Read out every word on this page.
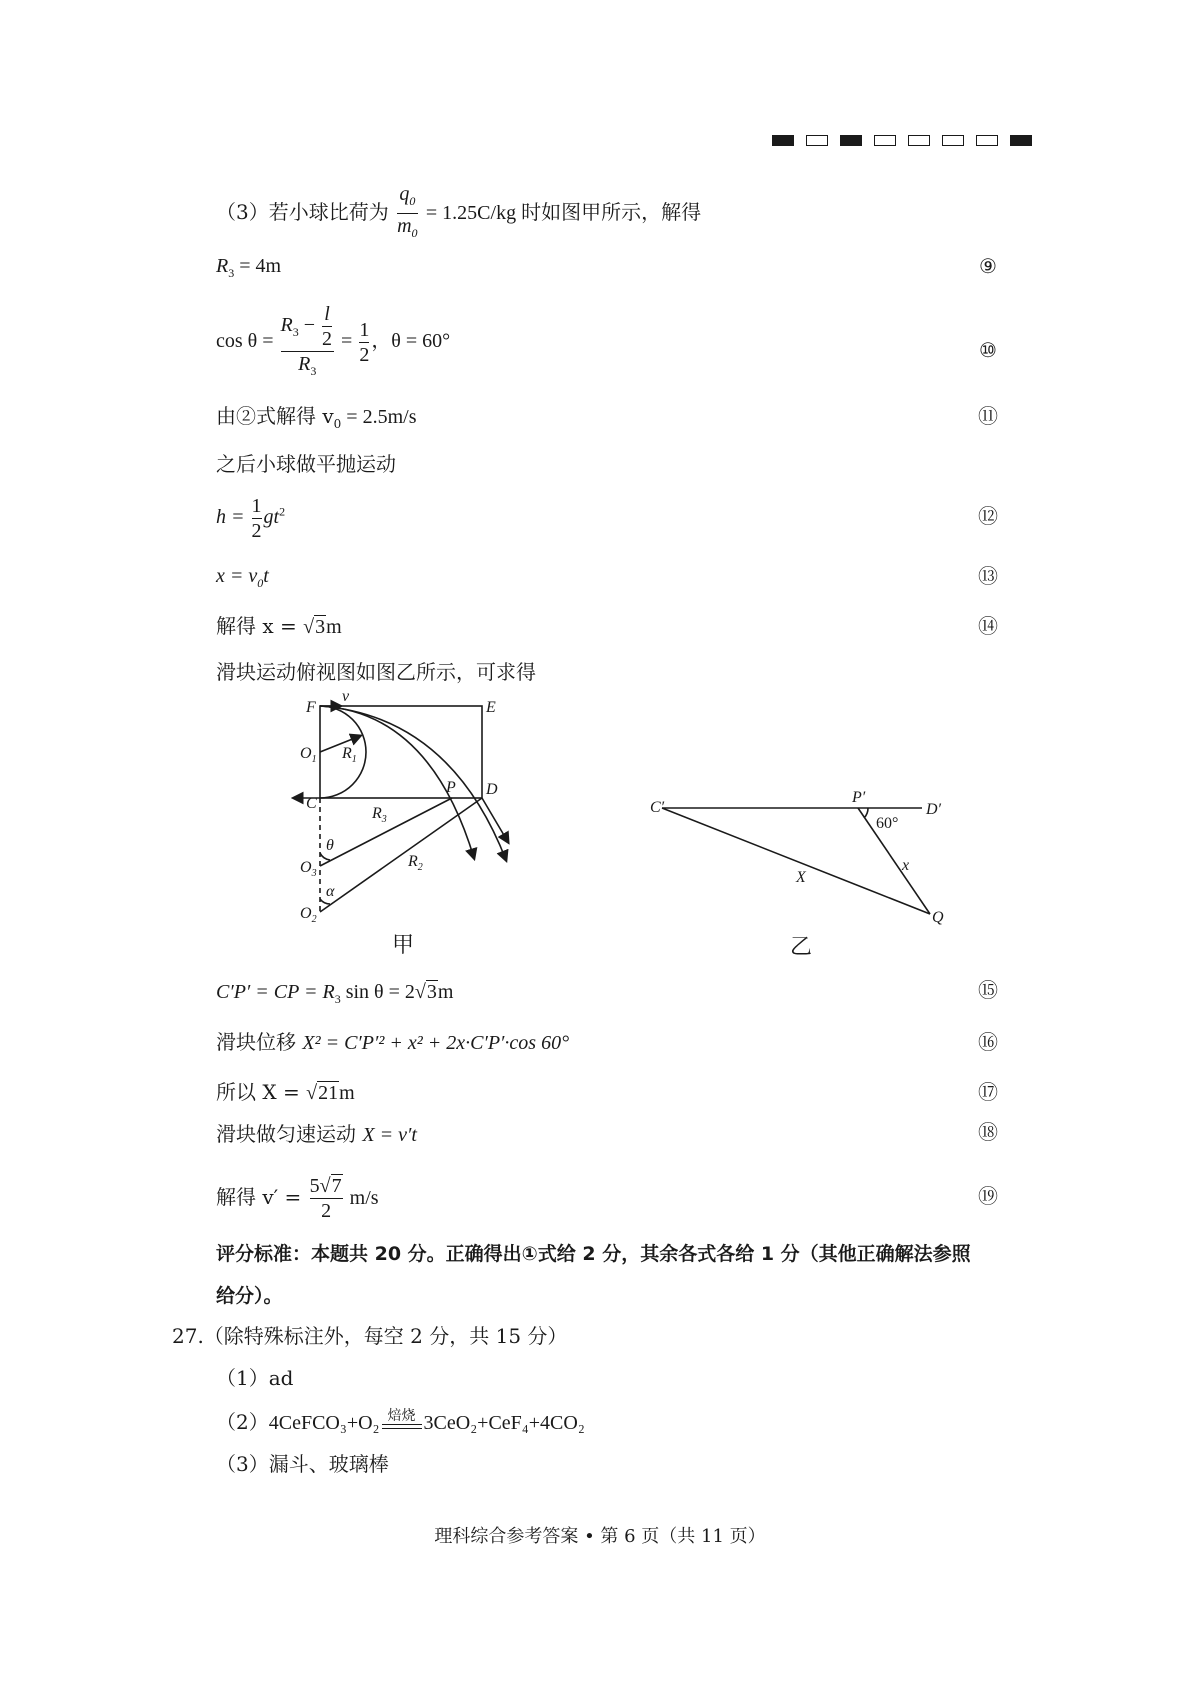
（3）若小球比荷为 $\frac{q_0}{m_0} = 1.25C/kg$ 时如图甲所示，解得
$R_3 = 4m$	⑨
$\cos \theta = \frac{R_3 - \frac{l}{2}}{R_3} = \frac{1}{2}$ ，θ = 60°	⑩
由②式解得 $v_0 = 2.5m/s$	⑪
之后小球做平抛运动
$h = \frac{1}{2} gt^2$	⑫
$x = v_0t$	⑬
解得 x = √3m	⑭
滑块运动俯视图如图乙所示，可求得
F	E
v
$O_1$ $R_1$
C
D
P
$R_3$
$R_2$
θ
$O_3$
α
$O_2$
甲
C′
P′
D′
60°
X
x
Q
乙
C′P′ = CP = $R_3$ sin θ = 2√3m	⑮
滑块位移 X² = C′P′² + x² + 2x·C′P′·cos 60°	⑯
所以 X = √21m	⑰
滑块做匀速运动 X = v′t	⑱
解得 $v' = \frac{5√7}{2} m/s$	⑲
评分标准：本题共 20 分。正确得出①式给 2 分，其余各式各给 1 分（其他正确解法参照
给分）。
27.（除特殊标注外，每空 2 分，共 15 分）
（1）ad
（2）4CeFCO₃+O₂ 焙烧 3CeO₂+CeF₄+4CO₂
（3）漏斗、玻璃棒
理科综合参考答案 • 第 6 页（共 11 页）
